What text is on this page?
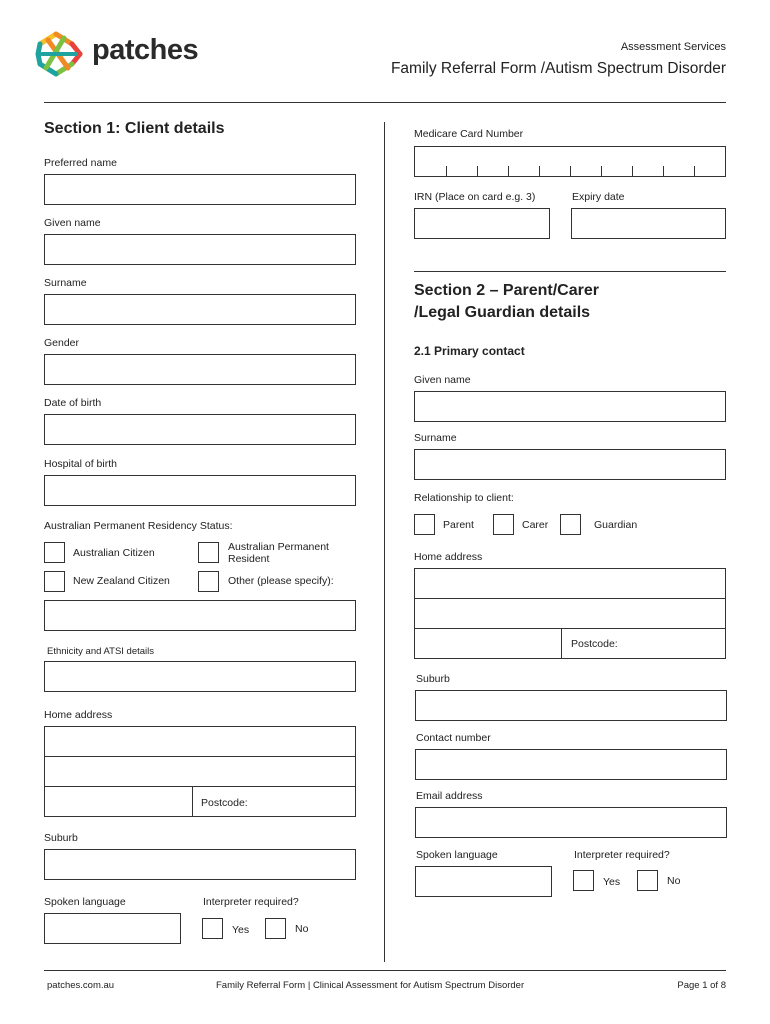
patches	Assessment Services
Family Referral Form /Autism Spectrum Disorder
Section 1: Client details
Preferred name
Given name
Surname
Gender
Date of birth
Hospital of birth
Australian Permanent Residency Status:
Australian Citizen	Australian Permanent
Resident
New Zealand Citizen	Other (please specify):
Ethnicity and ATSI details
Home address
Postcode:
Suburb
Spoken language	Interpreter required?
Yes	No
Medicare Card Number
IRN (Place on card e.g. 3)	Expiry date
Section 2 – Parent/Carer
/Legal Guardian details
2.1 Primary contact
Given name
Surname
Relationship to client:
Parent	Carer	Guardian
Home address
Postcode:
Suburb
Contact number
Email address
Spoken language	Interpreter required?
Yes	No
patches.com.au	Family Referral Form | Clinical Assessment for Autism Spectrum Disorder	Page 1 of 8
